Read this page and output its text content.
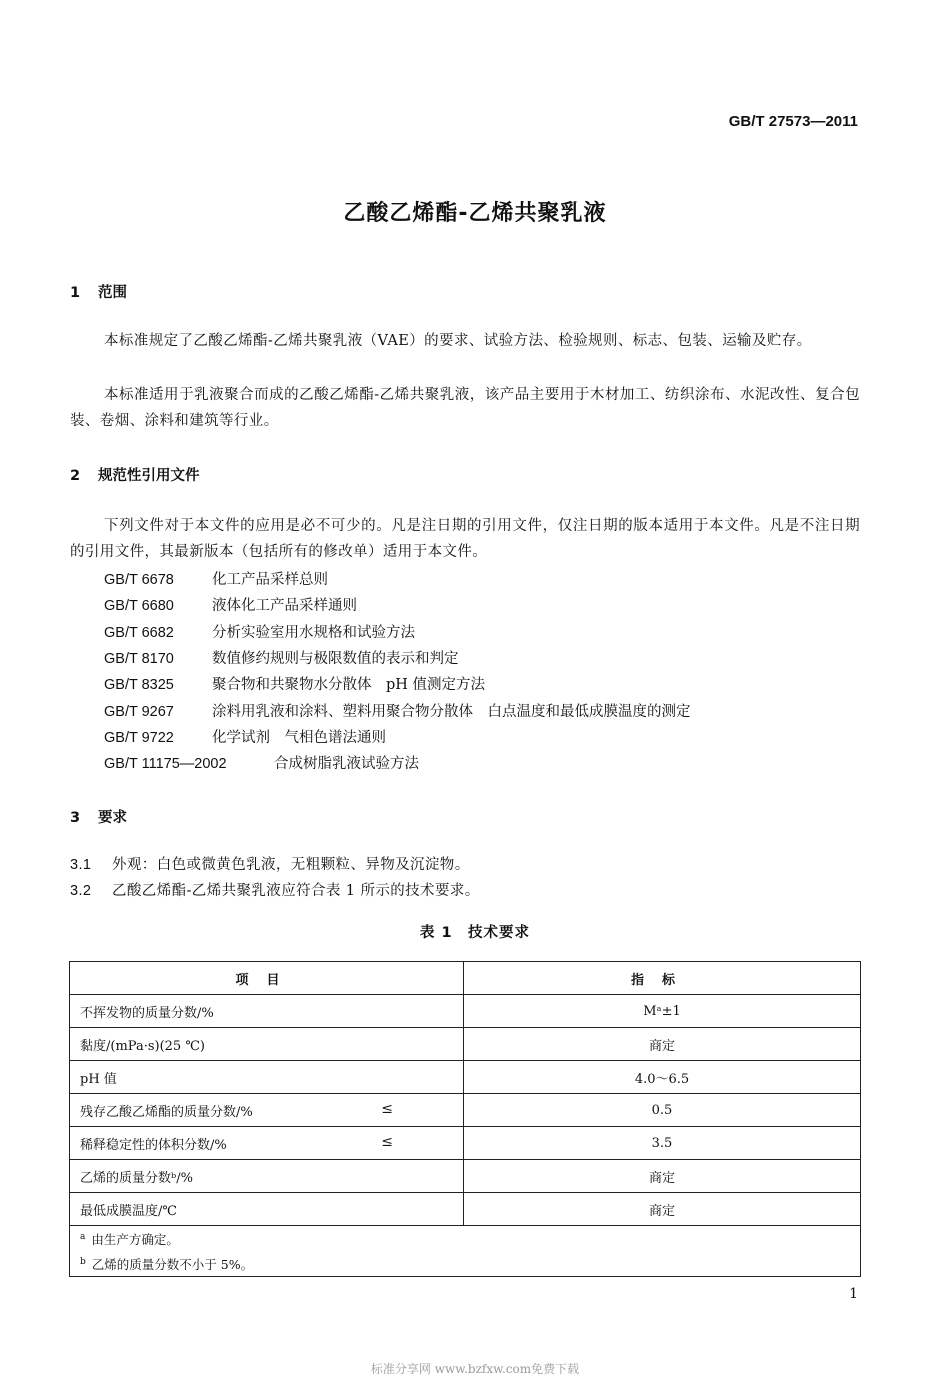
GB/T 27573—2011
乙酸乙烯酯-乙烯共聚乳液
1 范围
本标准规定了乙酸乙烯酯-乙烯共聚乳液（VAE）的要求、试验方法、检验规则、标志、包装、运输及贮存。
本标准适用于乳液聚合而成的乙酸乙烯酯-乙烯共聚乳液，该产品主要用于木材加工、纺织涂布、水泥改性、复合包装、卷烟、涂料和建筑等行业。
2 规范性引用文件
下列文件对于本文件的应用是必不可少的。凡是注日期的引用文件，仅注日期的版本适用于本文件。凡是不注日期的引用文件，其最新版本（包括所有的修改单）适用于本文件。
GB/T 6678	化工产品采样总则
GB/T 6680	液体化工产品采样通则
GB/T 6682	分析实验室用水规格和试验方法
GB/T 8170	数值修约规则与极限数值的表示和判定
GB/T 8325	聚合物和共聚物水分散体　pH 值测定方法
GB/T 9267	涂料用乳液和涂料、塑料用聚合物分散体　白点温度和最低成膜温度的测定
GB/T 9722	化学试剂　气相色谱法通则
GB/T 11175—2002	合成树脂乳液试验方法
3 要求
3.1 外观：白色或微黄色乳液，无粗颗粒、异物及沉淀物。
3.2 乙酸乙烯酯-乙烯共聚乳液应符合表 1 所示的技术要求。
表 1　技术要求
项目	指标
不挥发物的质量分数/%	Mᵃ±1
黏度/(mPa·s)(25 ℃)	商定
pH 值	4.0～6.5
残存乙酸乙烯酯的质量分数/% ≤	0.5
稀释稳定性的体积分数/% ≤	3.5
乙烯的质量分数ᵇ/%	商定
最低成膜温度/℃	商定

$^a$ 由生产方确定。
$^b$ 乙烯的质量分数不小于 5%。	
1
标准分享网 www.bzfxw.com免费下载
